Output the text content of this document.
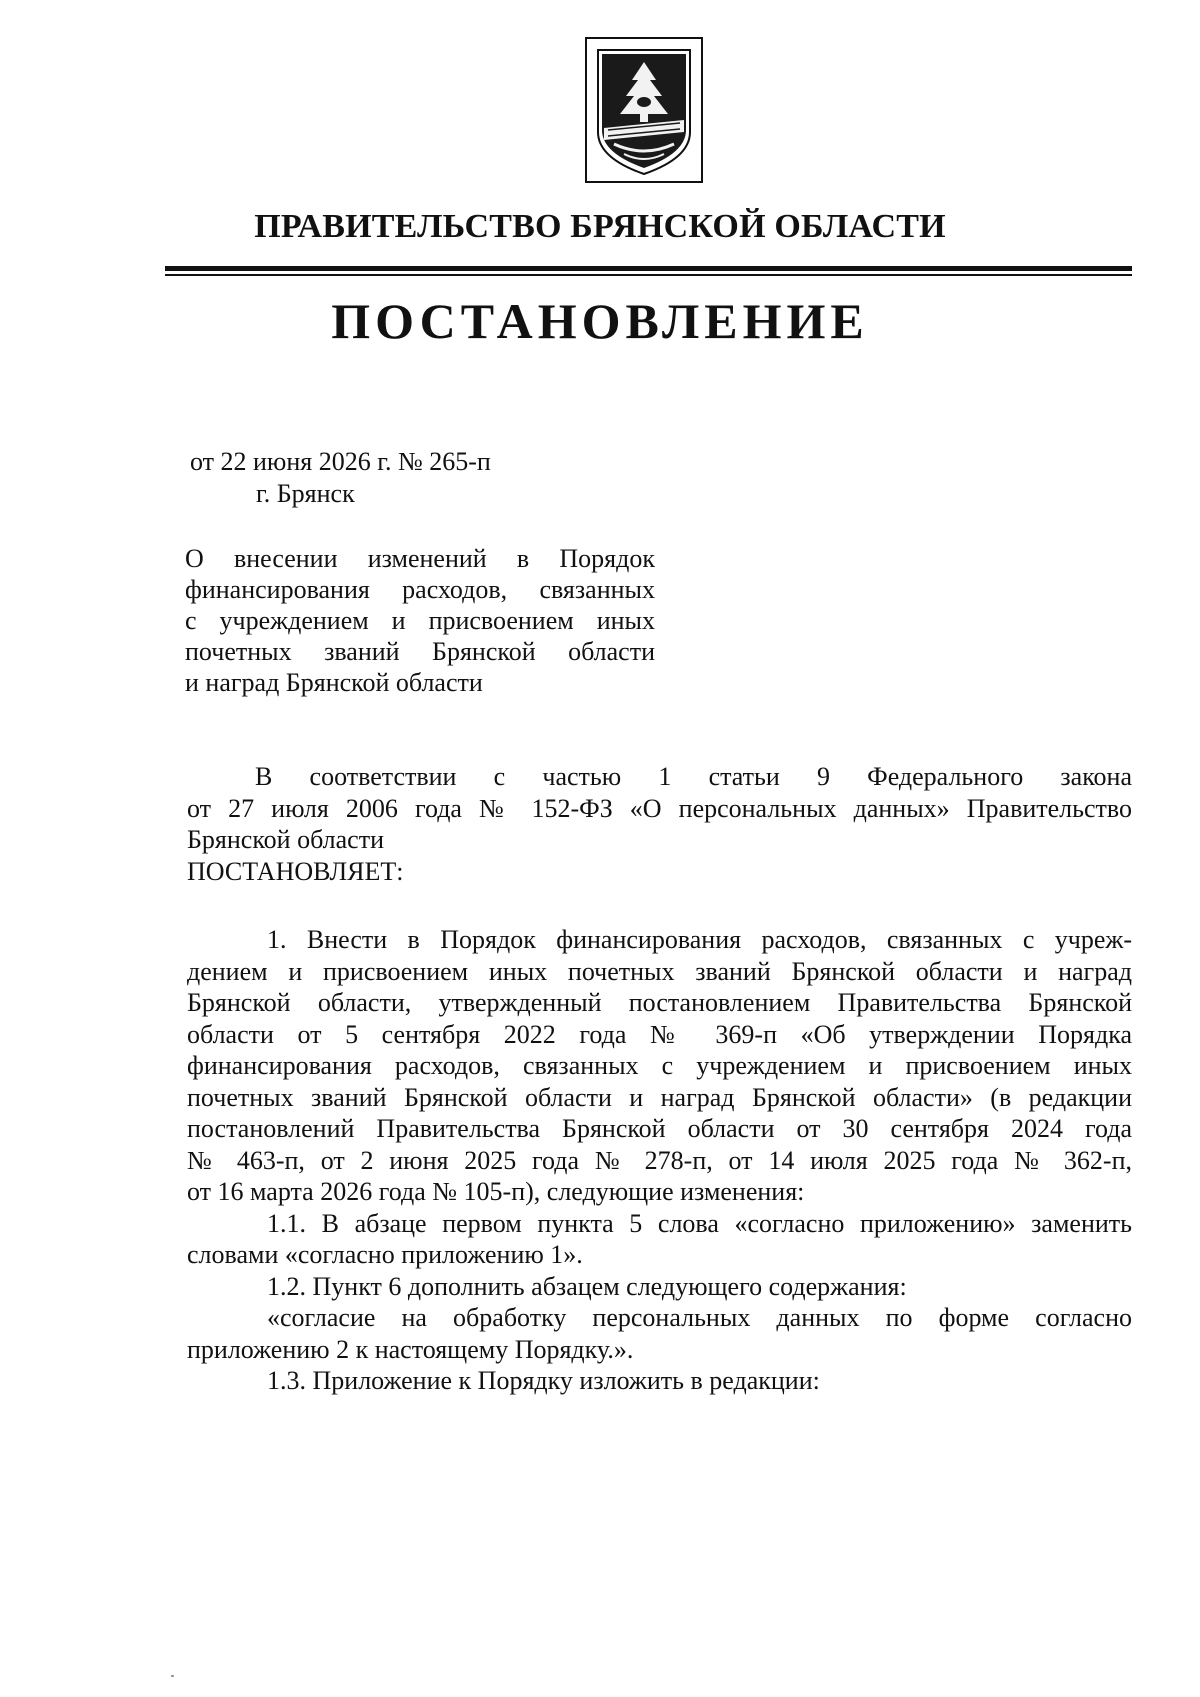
ПРАВИТЕЛЬСТВО БРЯНСКОЙ ОБЛАСТИ
ПОСТАНОВЛЕНИЕ
от 22 июня 2026 г. № 265-п
г. Брянск
О внесении изменений в Порядок
финансирования расходов, связанных
с учреждением и присвоением иных
почетных званий Брянской области
и наград Брянской области
В соответствии с частью 1 статьи 9 Федерального закона
от 27 июля 2006 года № 152-ФЗ «О персональных данных» Правительство
Брянской области
ПОСТАНОВЛЯЕТ:
1. Внести в Порядок финансирования расходов, связанных с учреж-
дением и присвоением иных почетных званий Брянской области и наград
Брянской области, утвержденный постановлением Правительства Брянской
области от 5 сентября 2022 года № 369-п «Об утверждении Порядка
финансирования расходов, связанных с учреждением и присвоением иных
почетных званий Брянской области и наград Брянской области» (в редакции
постановлений Правительства Брянской области от 30 сентября 2024 года
№ 463-п, от 2 июня 2025 года № 278-п, от 14 июля 2025 года № 362-п,
от 16 марта 2026 года № 105-п), следующие изменения:
1.1. В абзаце первом пункта 5 слова «согласно приложению» заменить
словами «согласно приложению 1».
1.2. Пункт 6 дополнить абзацем следующего содержания:
«согласие на обработку персональных данных по форме согласно
приложению 2 к настоящему Порядку.».
1.3. Приложение к Порядку изложить в редакции:
